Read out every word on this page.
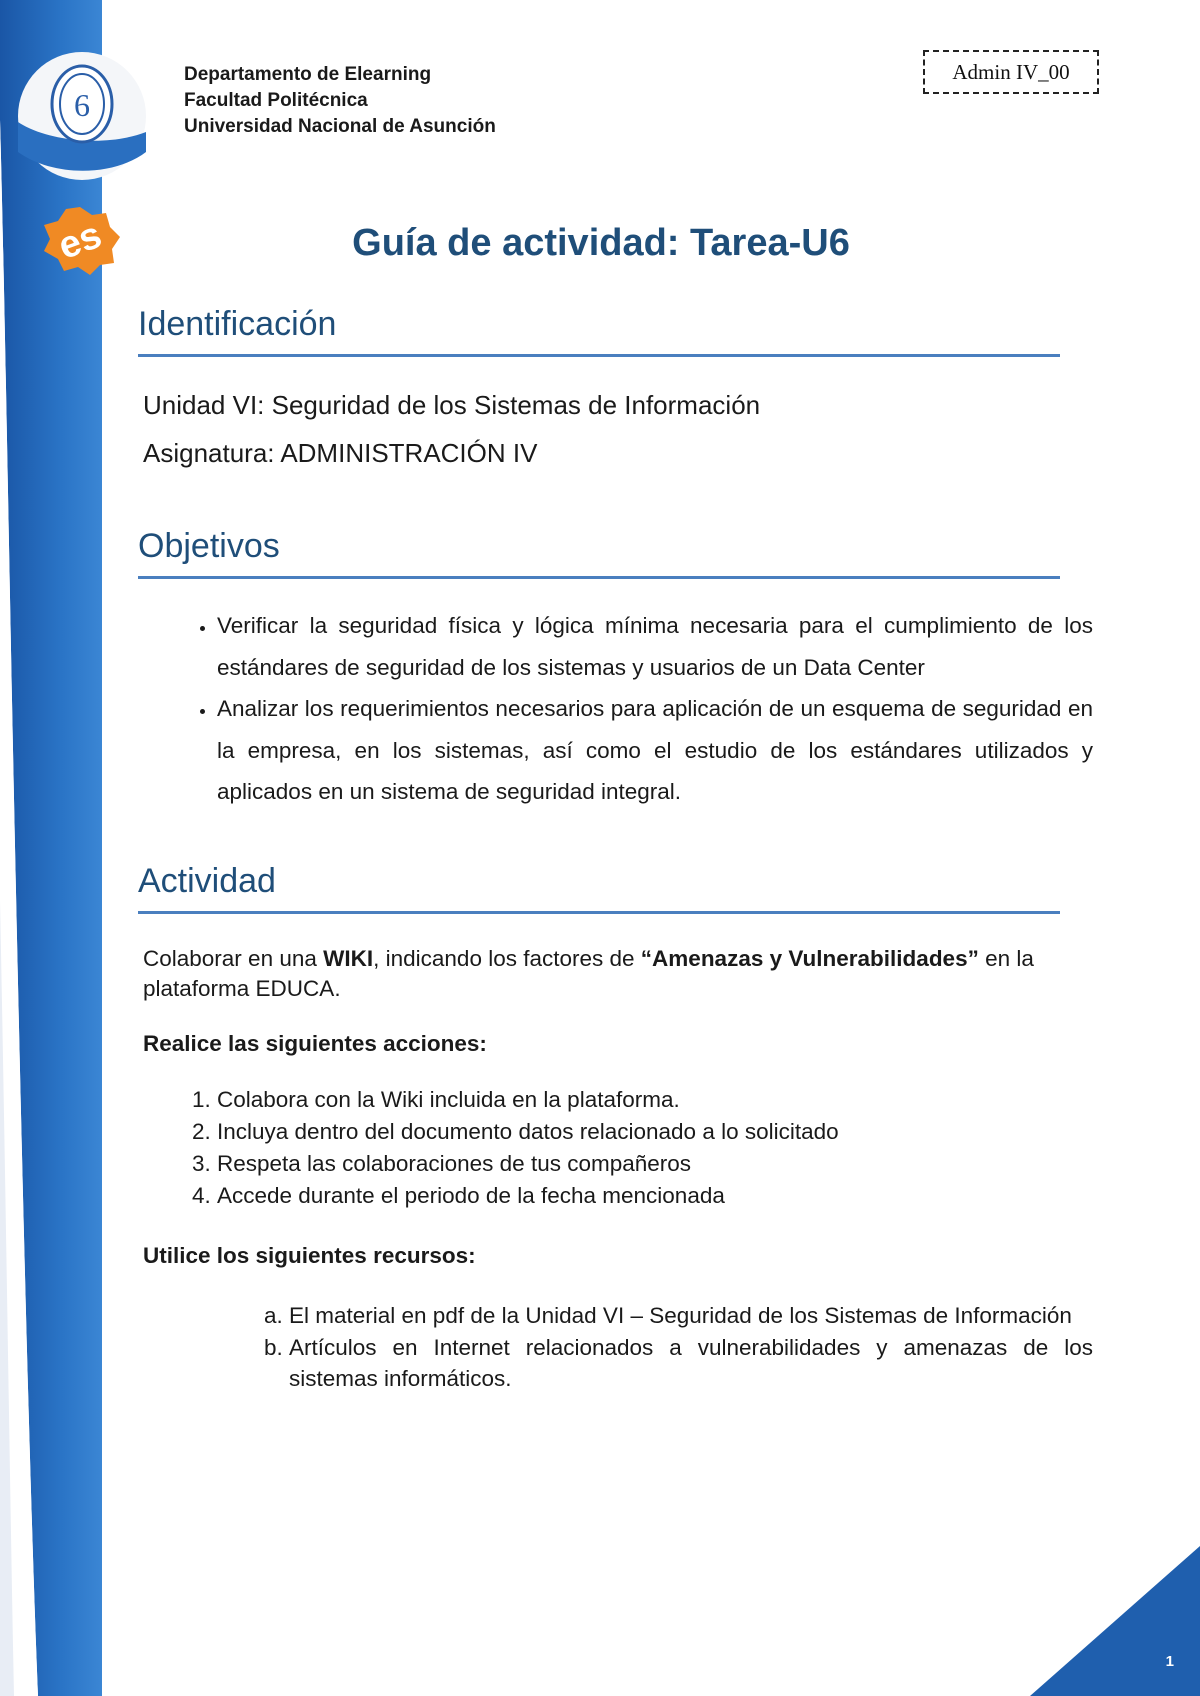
6
es
Departamento de Elearning
Facultad Politécnica
Universidad Nacional de Asunción
Admin IV_00
Guía de actividad: Tarea-U6
Identificación
Unidad VI: Seguridad de los Sistemas de Información
Asignatura: ADMINISTRACIÓN IV
Objetivos
• Verificar la seguridad física y lógica mínima necesaria para el cumplimiento de los estándares de seguridad de los sistemas y usuarios de un Data Center
• Analizar los requerimientos necesarios para aplicación de un esquema de seguridad en la empresa, en los sistemas, así como el estudio de los estándares utilizados y aplicados en un sistema de seguridad integral.
Actividad
Colaborar en una WIKI, indicando los factores de “Amenazas y Vulnerabilidades” en la plataforma EDUCA.
Realice las siguientes acciones:
1. Colabora con la Wiki incluida en la plataforma.
2. Incluya dentro del documento datos relacionado a lo solicitado
3. Respeta las colaboraciones de tus compañeros
4. Accede durante el periodo de la fecha mencionada
Utilice los siguientes recursos:
a. El material en pdf de la Unidad VI – Seguridad de los Sistemas de Información
b. Artículos en Internet relacionados a vulnerabilidades y amenazas de los sistemas informáticos.
1
